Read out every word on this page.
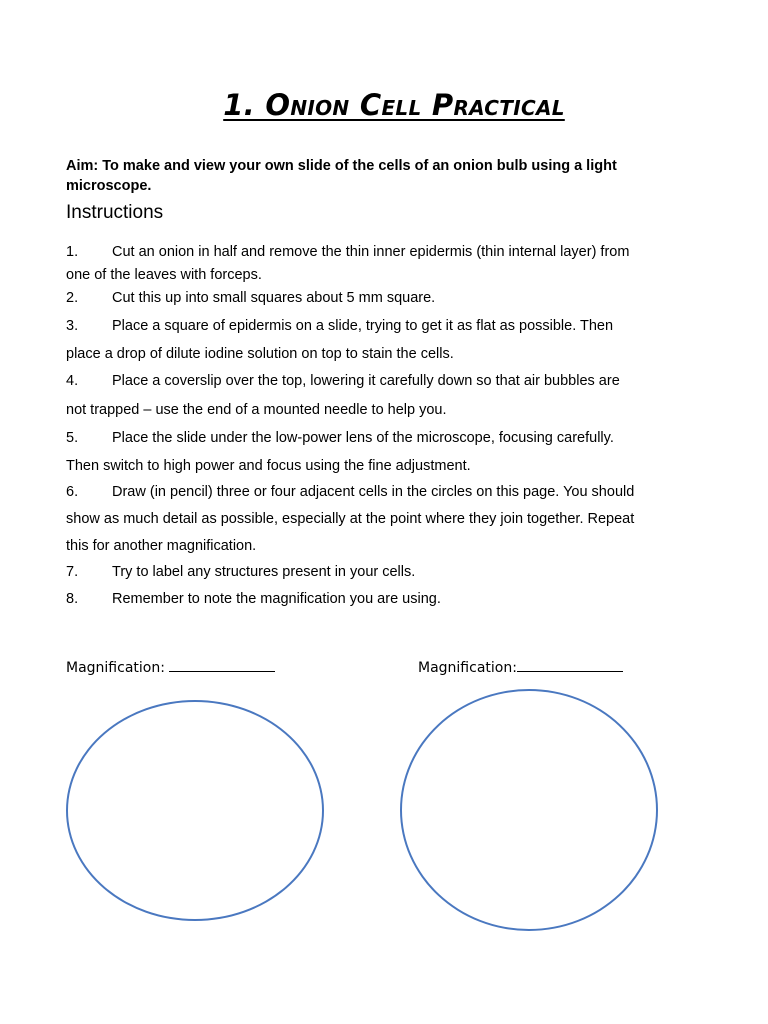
1. Onion Cell Practical

Aim: To make and view your own slide of the cells of an onion bulb using a light microscope.

Instructions

1. Cut an onion in half and remove the thin inner epidermis (thin internal layer) from
one of the leaves with forceps.

2. Cut this up into small squares about 5 mm square.

3. Place a square of epidermis on a slide, trying to get it as flat as possible. Then
place a drop of dilute iodine solution on top to stain the cells.

4. Place a coverslip over the top, lowering it carefully down so that air bubbles are
not trapped – use the end of a mounted needle to help you.

5. Place the slide under the low-power lens of the microscope, focusing carefully.
Then switch to high power and focus using the fine adjustment.

6. Draw (in pencil) three or four adjacent cells in the circles on this page. You should
show as much detail as possible, especially at the point where they join together. Repeat
this for another magnification.

7. Try to label any structures present in your cells.

8. Remember to note the magnification you are using.

Magnification:	Magnification:
